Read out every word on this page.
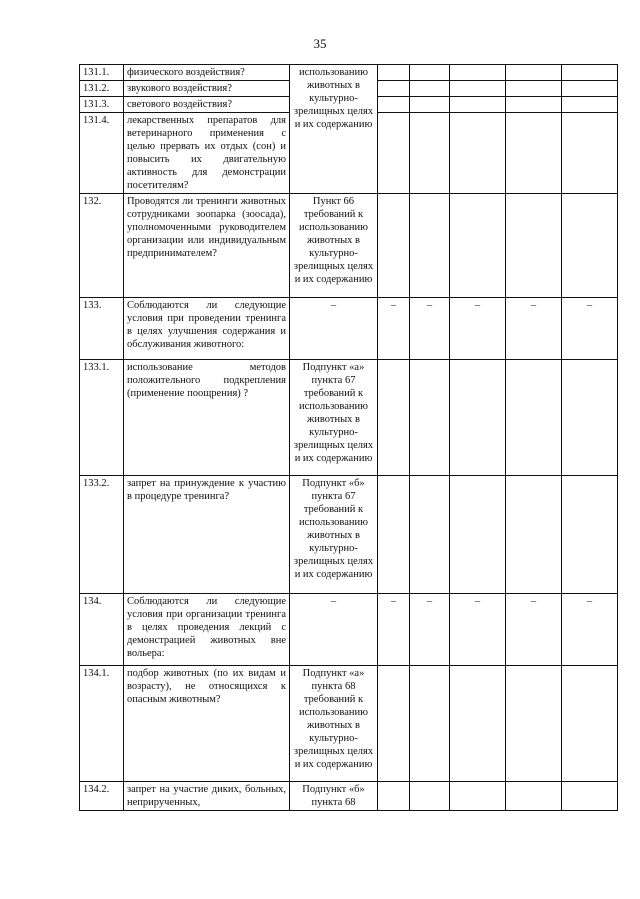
35
131.1.	физического воздействия?	использованию животных в культурно-зрелищных целях и их содержанию					
131.2.	звукового воздействия?						
131.3.	светового воздействия?						
131.4.	лекарственных препаратов для ветеринарного применения с целью прервать их отдых (сон) и повысить их двигательную активность для демонстрации посетителям?						
132.	Проводятся ли тренинги животных сотрудниками зоопарка (зоосада), уполномоченными руководителем организации или индивидуальным предпринимателем?	Пункт 66 требований к использованию животных в культурно-зрелищных целях и их содержанию					
133.	Соблюдаются ли следующие условия при проведении тренинга в целях улучшения содержания и обслуживания животного:	–	–	–	–	–	–
133.1.	использование методов положительного подкрепления (применение поощрения) ?	Подпункт «а» пункта 67 требований к использованию животных в культурно-зрелищных целях и их содержанию					
133.2.	запрет на принуждение к участию в процедуре тренинга?	Подпункт «б» пункта 67 требований к использованию животных в культурно-зрелищных целях и их содержанию					
134.	Соблюдаются ли следующие условия при организации тренинга в целях проведения лекций с демонстрацией животных вне вольера:	–	–	–	–	–	–
134.1.	подбор животных (по их видам и возрасту), не относящихся к опасным животным?	Подпункт «а» пункта 68 требований к использованию животных в культурно-зрелищных целях и их содержанию					
134.2.	запрет на участие диких, больных, неприрученных,	Подпункт «б» пункта 68					
